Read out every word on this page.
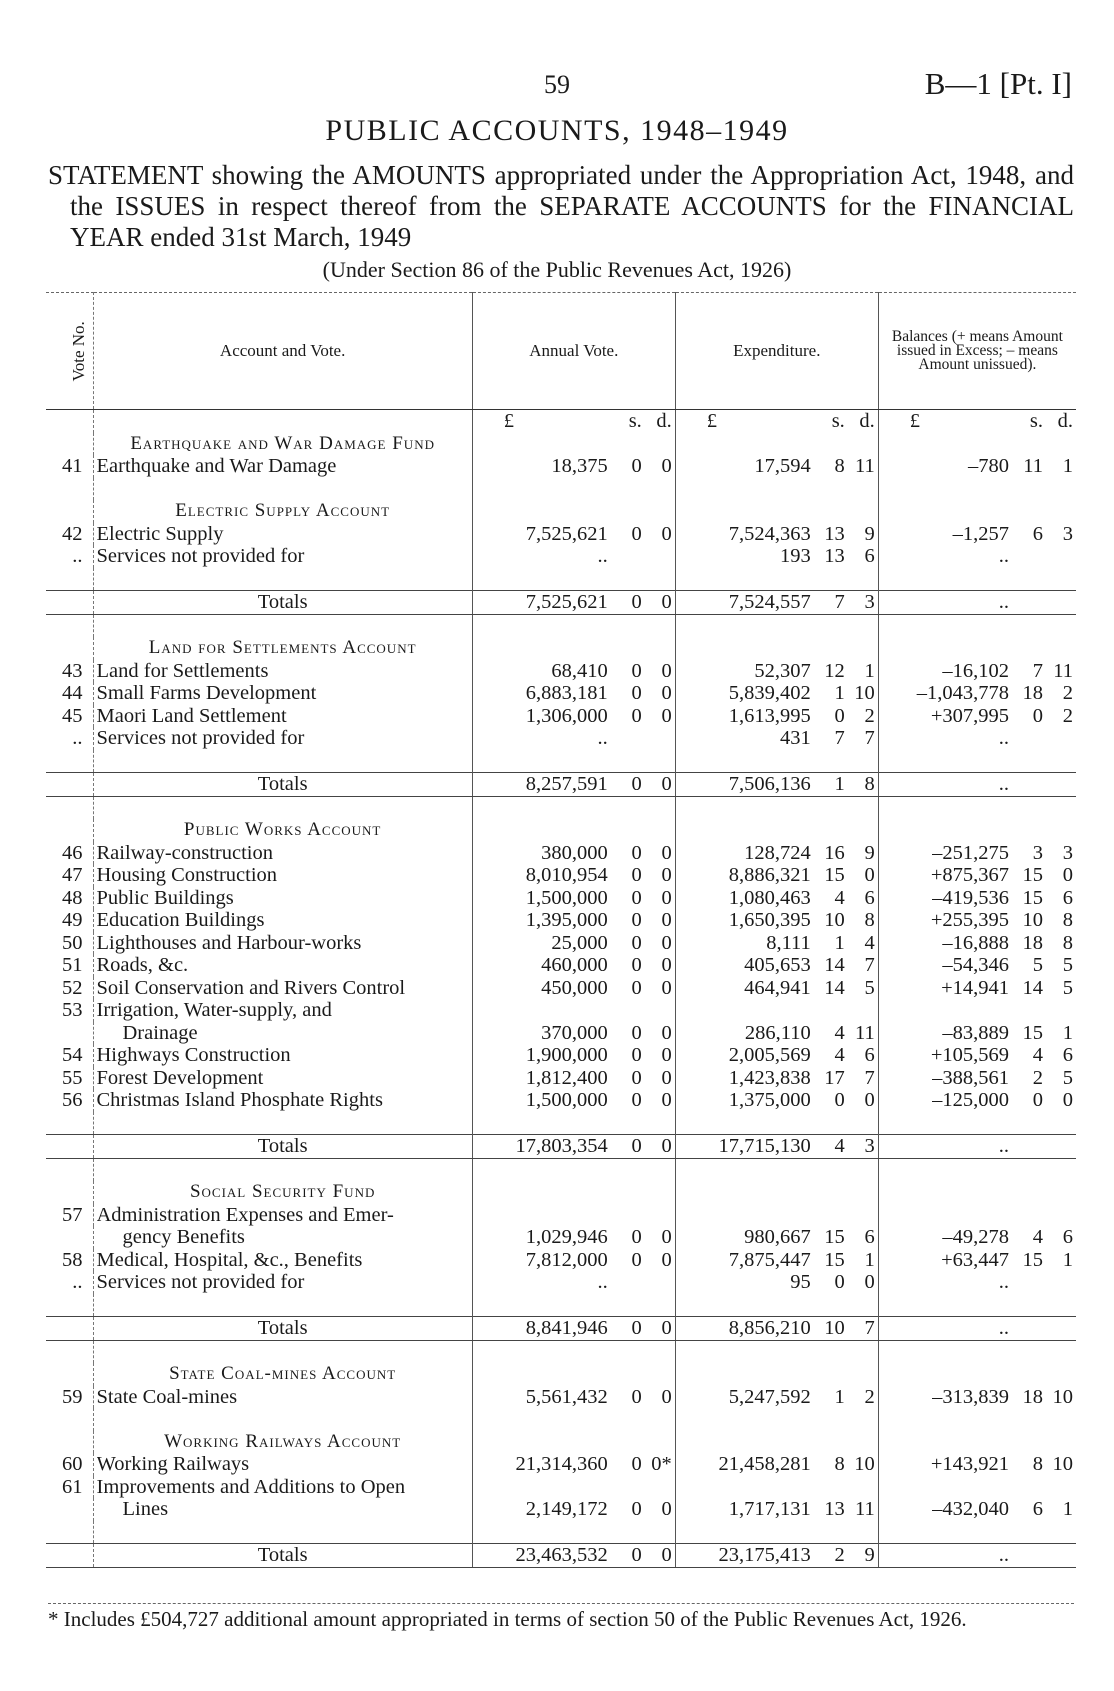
59	B—1 [Pt. I]
PUBLIC ACCOUNTS, 1948–1949
STATEMENT showing the AMOUNTS appropriated under the Appropriation Act, 1948, and the ISSUES in respect thereof from the SEPARATE ACCOUNTS for the FINANCIAL YEAR ended 31st March, 1949
(Under Section 86 of the Public Revenues Act, 1926)
Vote No.	Account and Vote.	Annual Vote.	Expenditure.	Balances (+ means Amount issued in Excess; – means Amount unissued).

		£ s. d.	£ s. d.	£ s. d.

	Earthquake and War Damage Fund			
41	Earthquake and War Damage	18,375 0 0	17,594 8 11	–780 11 1

	Electric Supply Account			
42	Electric Supply	7,525,621 0 0	7,524,363 13 9	–1,257 6 3

..	Services not provided for	..	193 13 6	..

	Totals	7,525,621 0 0	7,524,557 7 3	..

	Land for Settlements Account			
43	Land for Settlements	68,410 0 0	52,307 12 1	–16,102 7 11

44	Small Farms Development	6,883,181 0 0	5,839,402 1 10	–1,043,778 18 2

45	Maori Land Settlement	1,306,000 0 0	1,613,995 0 2	+307,995 0 2

..	Services not provided for	..	431 7 7	..

	Totals	8,257,591 0 0	7,506,136 1 8	..

	Public Works Account			
46	Railway-construction	380,000 0 0	128,724 16 9	–251,275 3 3

47	Housing Construction	8,010,954 0 0	8,886,321 15 0	+875,367 15 0

48	Public Buildings	1,500,000 0 0	1,080,463 4 6	–419,536 15 6

49	Education Buildings	1,395,000 0 0	1,650,395 10 8	+255,395 10 8

50	Lighthouses and Harbour-works	25,000 0 0	8,111 1 4	–16,888 18 8

51	Roads, &c.	460,000 0 0	405,653 14 7	–54,346 5 5

52	Soil Conservation and Rivers Control	450,000 0 0	464,941 14 5	+14,941 14 5

53	Irrigation, Water-supply, and			

	Drainage	370,000 0 0	286,110 4 11	–83,889 15 1

54	Highways Construction	1,900,000 0 0	2,005,569 4 6	+105,569 4 6

55	Forest Development	1,812,400 0 0	1,423,838 17 7	–388,561 2 5

56	Christmas Island Phosphate Rights	1,500,000 0 0	1,375,000 0 0	–125,000 0 0

	Totals	17,803,354 0 0	17,715,130 4 3	..

	Social Security Fund			
57	Administration Expenses and Emer-			

	gency Benefits	1,029,946 0 0	980,667 15 6	–49,278 4 6

58	Medical, Hospital, &c., Benefits	7,812,000 0 0	7,875,447 15 1	+63,447 15 1

..	Services not provided for	..	95 0 0	..

	Totals	8,841,946 0 0	8,856,210 10 7	..

	State Coal-mines Account			
59	State Coal-mines	5,561,432 0 0	5,247,592 1 2	–313,839 18 10

	Working Railways Account			
60	Working Railways	21,314,360 0 0*	21,458,281 8 10	+143,921 8 10

61	Improvements and Additions to Open			

	Lines	2,149,172 0 0	1,717,131 13 11	–432,040 6 1

	Totals	23,463,532 0 0	23,175,413 2 9	..
* Includes £504,727 additional amount appropriated in terms of section 50 of the Public Revenues Act, 1926.
